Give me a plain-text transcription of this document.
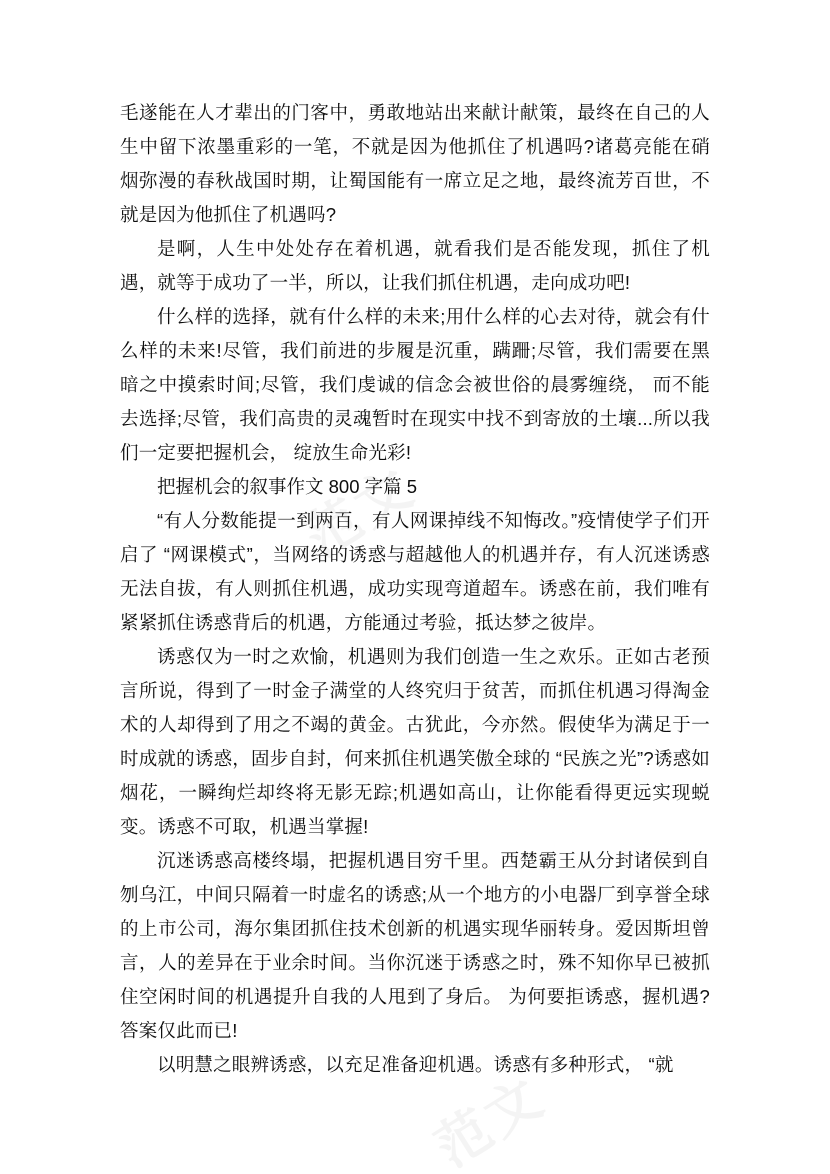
毛遂能在人才辈出的门客中，勇敢地站出来献计献策，最终在自己的人生中留下浓墨重彩的一笔，不就是因为他抓住了机遇吗?诸葛亮能在硝烟弥漫的春秋战国时期，让蜀国能有一席立足之地，最终流芳百世，不就是因为他抓住了机遇吗?

是啊，人生中处处存在着机遇，就看我们是否能发现，抓住了机遇，就等于成功了一半，所以，让我们抓住机遇，走向成功吧!

什么样的选择，就有什么样的未来;用什么样的心去对待，就会有什么样的未来!尽管，我们前进的步履是沉重，蹒跚;尽管，我们需要在黑暗之中摸索时间;尽管，我们虔诚的信念会被世俗的晨雾缠绕， 而不能去选择;尽管，我们高贵的灵魂暂时在现实中找不到寄放的土壤...所以我们一定要把握机会， 绽放生命光彩!

把握机会的叙事作文 800 字篇 5

“有人分数能提一到两百，有人网课掉线不知悔改。”疫情使学子们开启了 “网课模式”，当网络的诱惑与超越他人的机遇并存，有人沉迷诱惑无法自拔，有人则抓住机遇，成功实现弯道超车。诱惑在前，我们唯有紧紧抓住诱惑背后的机遇，方能通过考验，抵达梦之彼岸。

诱惑仅为一时之欢愉，机遇则为我们创造一生之欢乐。正如古老预言所说，得到了一时金子满堂的人终究归于贫苦，而抓住机遇习得淘金术的人却得到了用之不竭的黄金。古犹此，今亦然。假使华为满足于一时成就的诱惑，固步自封，何来抓住机遇笑傲全球的 “民族之光”?诱惑如烟花，一瞬绚烂却终将无影无踪;机遇如高山，让你能看得更远实现蜕变。诱惑不可取，机遇当掌握!

沉迷诱惑高楼终塌，把握机遇目穷千里。西楚霸王从分封诸侯到自刎乌江，中间只隔着一时虚名的诱惑;从一个地方的小电器厂到享誉全球的上市公司，海尔集团抓住技术创新的机遇实现华丽转身。爱因斯坦曾言，人的差异在于业余时间。当你沉迷于诱惑之时，殊不知你早已被抓住空闲时间的机遇提升自我的人甩到了身后。 为何要拒诱惑，握机遇?答案仅此而已!

以明慧之眼辨诱惑，以充足准备迎机遇。诱惑有多种形式， “就
